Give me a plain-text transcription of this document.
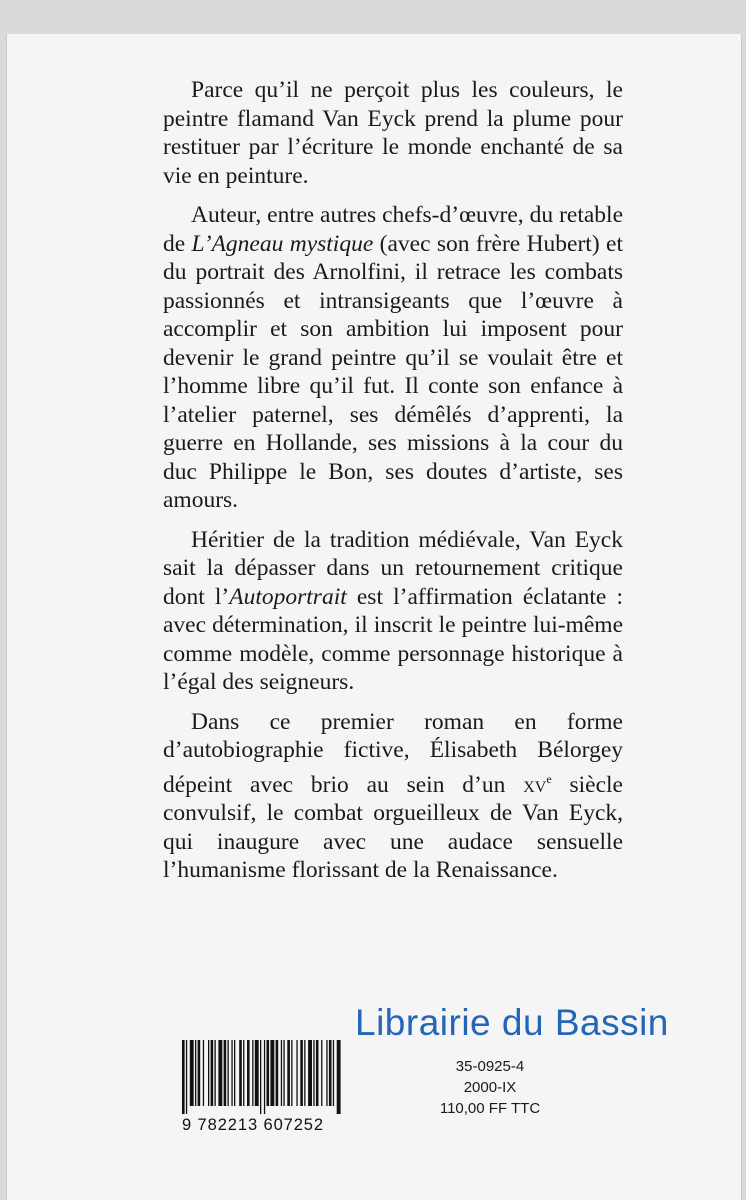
Parce qu’il ne perçoit plus les couleurs, le peintre flamand Van Eyck prend la plume pour restituer par l’écriture le monde enchanté de sa vie en peinture.

Auteur, entre autres chefs-d’œuvre, du retable de L’Agneau mystique (avec son frère Hubert) et du portrait des Arnolfini, il retrace les combats passionnés et intransigeants que l’œuvre à accomplir et son ambition lui imposent pour devenir le grand peintre qu’il se voulait être et l’homme libre qu’il fut. Il conte son enfance à l’atelier paternel, ses démêlés d’apprenti, la guerre en Hollande, ses missions à la cour du duc Philippe le Bon, ses doutes d’artiste, ses amours.

Héritier de la tradition médiévale, Van Eyck sait la dépasser dans un retournement critique dont l’Autoportrait est l’affirmation éclatante : avec détermination, il inscrit le peintre lui-même comme modèle, comme personnage historique à l’égal des seigneurs.

Dans ce premier roman en forme d’autobiographie fictive, Élisabeth Bélorgey dépeint avec brio au sein d’un $xv^e$ siècle convulsif, le combat orgueilleux de Van Eyck, qui inaugure avec une audace sensuelle l’humanisme florissant de la Renaissance.

Librairie du Bassin
9 782213 607252
35-0925-4
2000-IX
110,00 FF TTC
